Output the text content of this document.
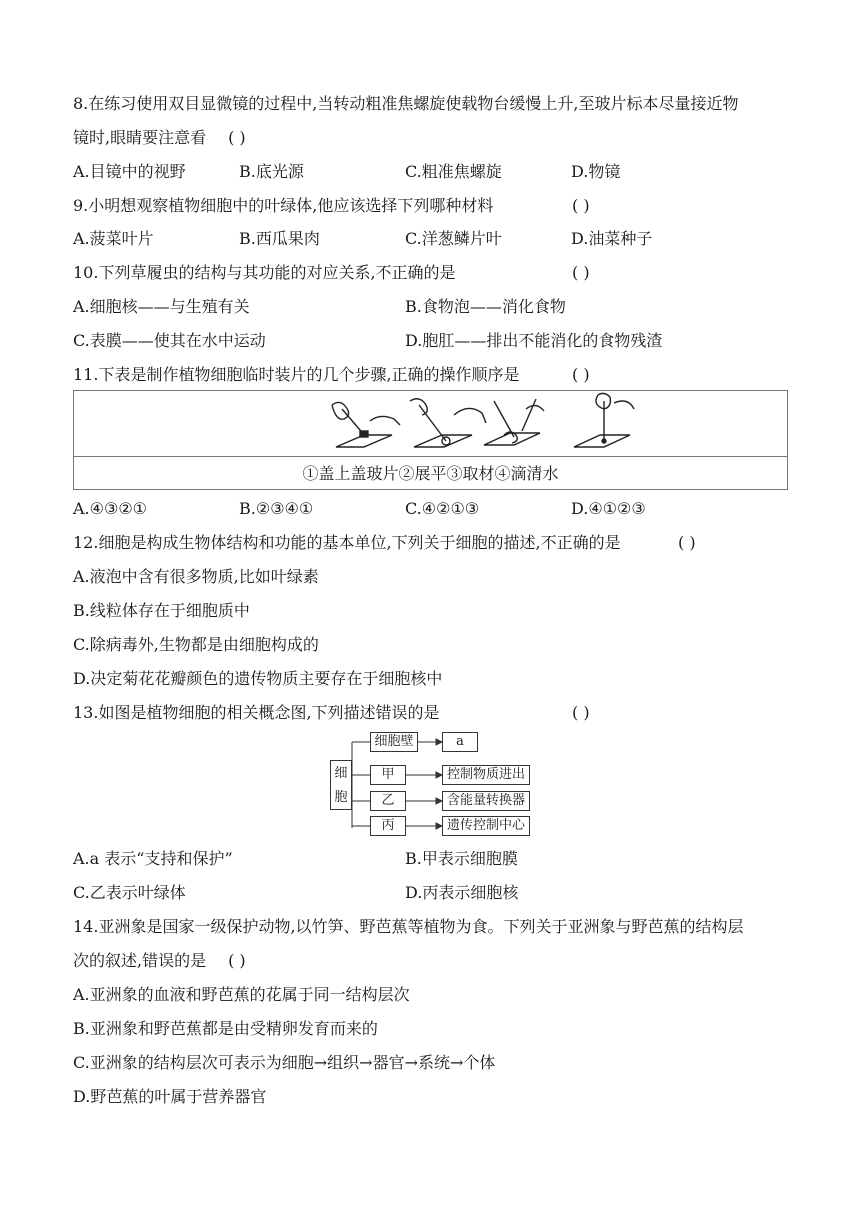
8.在练习使用双目显微镜的过程中,当转动粗准焦螺旋使载物台缓慢上升,至玻片标本尽量接近物
镜时,眼睛要注意看 ( )
A.目镜中的视野	B.底光源	C.粗准焦螺旋	D.物镜
9.小明想观察植物细胞中的叶绿体,他应该选择下列哪种材料	( )
A.菠菜叶片	B.西瓜果肉	C.洋葱鳞片叶	D.油菜种子
10.下列草履虫的结构与其功能的对应关系,不正确的是	( )
A.细胞核——与生殖有关	B.食物泡——消化食物
C.表膜——使其在水中运动	D.胞肛——排出不能消化的食物残渣
11.下表是制作植物细胞临时装片的几个步骤,正确的操作顺序是	( )
①盖上盖玻片②展平③取材④滴清水
A.④③②①	B.②③④①	C.④②①③	D.④①②③
12.细胞是构成生物体结构和功能的基本单位,下列关于细胞的描述,不正确的是	( )
A.液泡中含有很多物质,比如叶绿素
B.线粒体存在于细胞质中
C.除病毒外,生物都是由细胞构成的
D.决定菊花花瓣颜色的遗传物质主要存在于细胞核中
13.如图是植物细胞的相关概念图,下列描述错误的是	( )
细胞
细胞壁
甲
乙
丙
a
控制物质进出
含能量转换器
遗传控制中心
A.a 表示“支持和保护”	B.甲表示细胞膜
C.乙表示叶绿体	D.丙表示细胞核
14.亚洲象是国家一级保护动物,以竹笋、野芭蕉等植物为食。下列关于亚洲象与野芭蕉的结构层
次的叙述,错误的是 ( )
A.亚洲象的血液和野芭蕉的花属于同一结构层次
B.亚洲象和野芭蕉都是由受精卵发育而来的
C.亚洲象的结构层次可表示为细胞→组织→器官→系统→个体
D.野芭蕉的叶属于营养器官
